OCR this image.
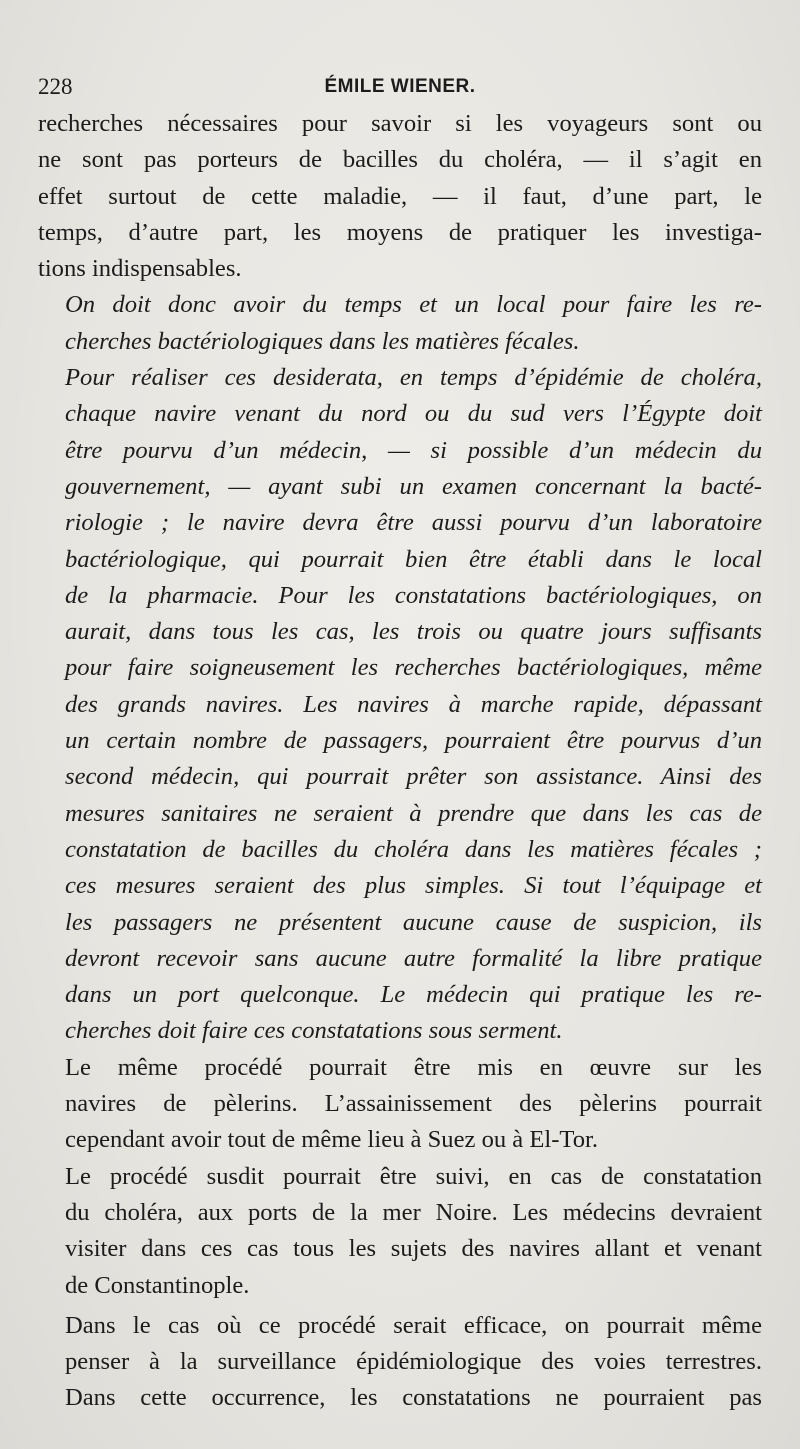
228	ÉMILE WIENER.

recherches nécessaires pour savoir si les voyageurs sont ou
ne sont pas porteurs de bacilles du choléra, — il s’agit en
effet surtout de cette maladie, — il faut, d’une part, le
temps, d’autre part, les moyens de pratiquer les investiga-
tions indispensables.

On doit donc avoir du temps et un local pour faire les re-
cherches bactériologiques dans les matières fécales.

Pour réaliser ces desiderata, en temps d’épidémie de choléra,
chaque navire venant du nord ou du sud vers l’Égypte doit
être pourvu d’un médecin, — si possible d’un médecin du
gouvernement, — ayant subi un examen concernant la bacté-
riologie ; le navire devra être aussi pourvu d’un laboratoire
bactériologique, qui pourrait bien être établi dans le local
de la pharmacie. Pour les constatations bactériologiques, on
aurait, dans tous les cas, les trois ou quatre jours suffisants
pour faire soigneusement les recherches bactériologiques, même
des grands navires. Les navires à marche rapide, dépassant
un certain nombre de passagers, pourraient être pourvus d’un
second médecin, qui pourrait prêter son assistance. Ainsi des
mesures sanitaires ne seraient à prendre que dans les cas de
constatation de bacilles du choléra dans les matières fécales ;
ces mesures seraient des plus simples. Si tout l’équipage et
les passagers ne présentent aucune cause de suspicion, ils
devront recevoir sans aucune autre formalité la libre pratique
dans un port quelconque. Le médecin qui pratique les re-
cherches doit faire ces constatations sous serment.

Le même procédé pourrait être mis en œuvre sur les
navires de pèlerins. L’assainissement des pèlerins pourrait
cependant avoir tout de même lieu à Suez ou à El-Tor.

Le procédé susdit pourrait être suivi, en cas de constatation
du choléra, aux ports de la mer Noire. Les médecins devraient
visiter dans ces cas tous les sujets des navires allant et venant
de Constantinople.

Dans le cas où ce procédé serait efficace, on pourrait même
penser à la surveillance épidémiologique des voies terrestres.
Dans cette occurrence, les constatations ne pourraient pas
